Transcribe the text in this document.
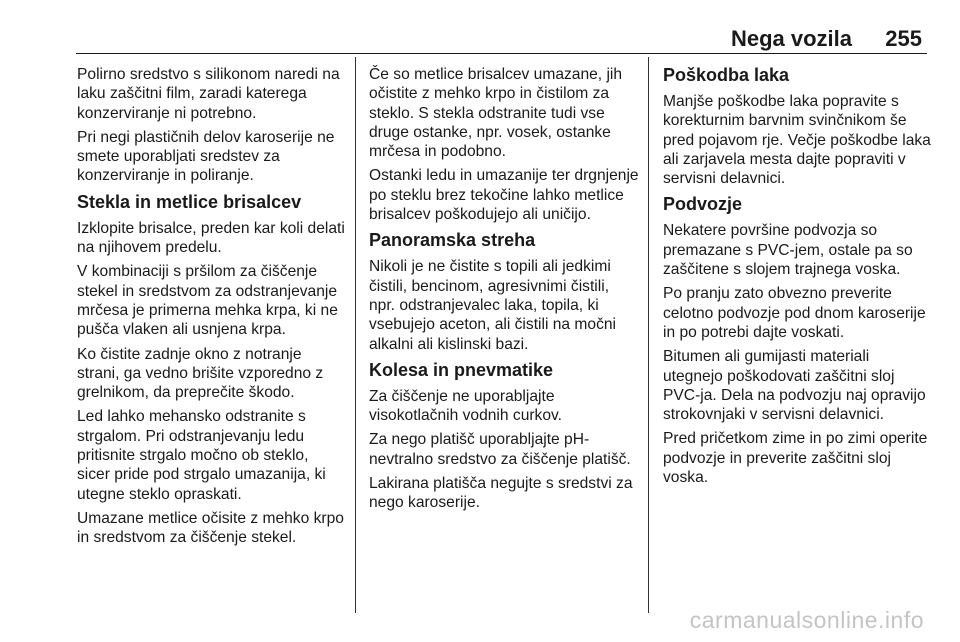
Nega vozila 255

Polirno sredstvo s silikonom naredi na laku zaščitni film, zaradi katerega konzerviranje ni potrebno.

Pri negi plastičnih delov karoserije ne smete uporabljati sredstev za konzerviranje in poliranje.

Stekla in metlice brisalcev

Izklopite brisalce, preden kar koli delati na njihovem predelu.

V kombinaciji s pršilom za čiščenje stekel in sredstvom za odstranjevanje mrčesa je primerna mehka krpa, ki ne pušča vlaken ali usnjena krpa.

Ko čistite zadnje okno z notranje strani, ga vedno brišite vzporedno z grelnikom, da preprečite škodo.

Led lahko mehansko odstranite s strgalom. Pri odstranjevanju ledu pritisnite strgalo močno ob steklo, sicer pride pod strgalo umazanija, ki utegne steklo opraskati.

Umazane metlice očisite z mehko krpo in sredstvom za čiščenje stekel.

Če so metlice brisalcev umazane, jih očistite z mehko krpo in čistilom za steklo. S stekla odstranite tudi vse druge ostanke, npr. vosek, ostanke mrčesa in podobno.

Ostanki ledu in umazanije ter drgnjenje po steklu brez tekočine lahko metlice brisalcev poškodujejo ali uničijo.

Panoramska streha

Nikoli je ne čistite s topili ali jedkimi čistili, bencinom, agresivnimi čistili, npr. odstranjevalec laka, topila, ki vsebujejo aceton, ali čistili na močni alkalni ali kislinski bazi.

Kolesa in pnevmatike

Za čiščenje ne uporabljajte visokotlačnih vodnih curkov.

Za nego platišč uporabljajte pH-nevtralno sredstvo za čiščenje platišč.

Lakirana platišča negujte s sredstvi za nego karoserije.

Poškodba laka

Manjše poškodbe laka popravite s korekturnim barvnim svinčnikom še pred pojavom rje. Večje poškodbe laka ali zarjavela mesta dajte popraviti v servisni delavnici.

Podvozje

Nekatere površine podvozja so premazane s PVC-jem, ostale pa so zaščitene s slojem trajnega voska.

Po pranju zato obvezno preverite celotno podvozje pod dnom karoserije in po potrebi dajte voskati.

Bitumen ali gumijasti materiali utegnejo poškodovati zaščitni sloj PVC-ja. Dela na podvozju naj opravijo strokovnjaki v servisni delavnici.

Pred pričetkom zime in po zimi operite podvozje in preverite zaščitni sloj voska.

carmanualsonline.info
